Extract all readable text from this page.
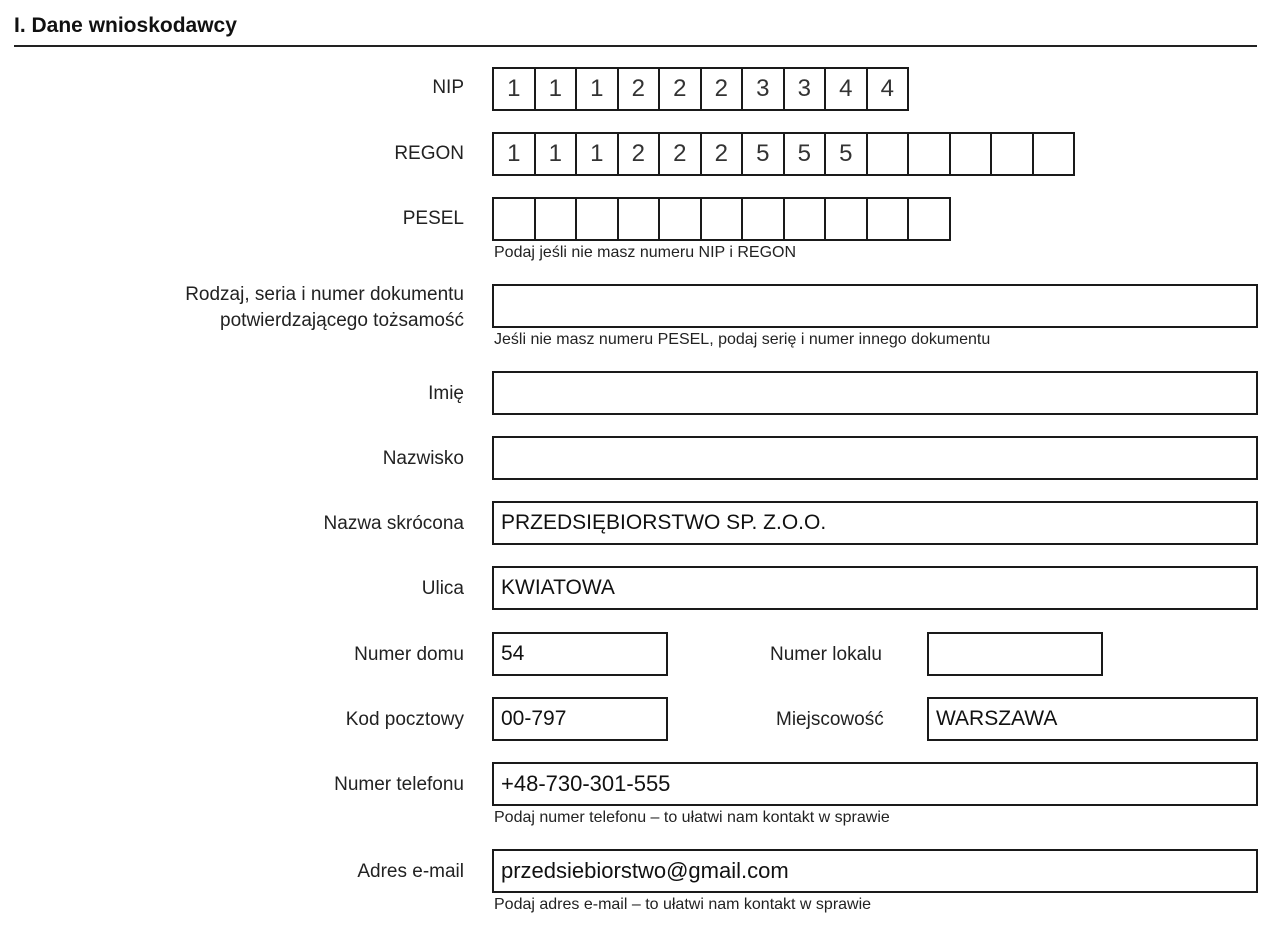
I. Dane wnioskodawcy
NIP	1	1	1	2	2	2	3	3	4	4
REGON	1	1	1	2	2	2	5	5	5
PESEL
Podaj jeśli nie masz numeru NIP i REGON
Rodzaj, seria i numer dokumentu
potwierdzającego tożsamość
Jeśli nie masz numeru PESEL, podaj serię i numer innego dokumentu
Imię
Nazwisko
Nazwa skrócona	PRZEDSIĘBIORSTWO SP. Z.O.O.
Ulica	KWIATOWA
Numer domu	54	Numer lokalu
Kod pocztowy	00-797	Miejscowość	WARSZAWA
Numer telefonu	+48-730-301-555
Podaj numer telefonu – to ułatwi nam kontakt w sprawie
Adres e-mail	przedsiebiorstwo@gmail.com
Podaj adres e-mail – to ułatwi nam kontakt w sprawie
